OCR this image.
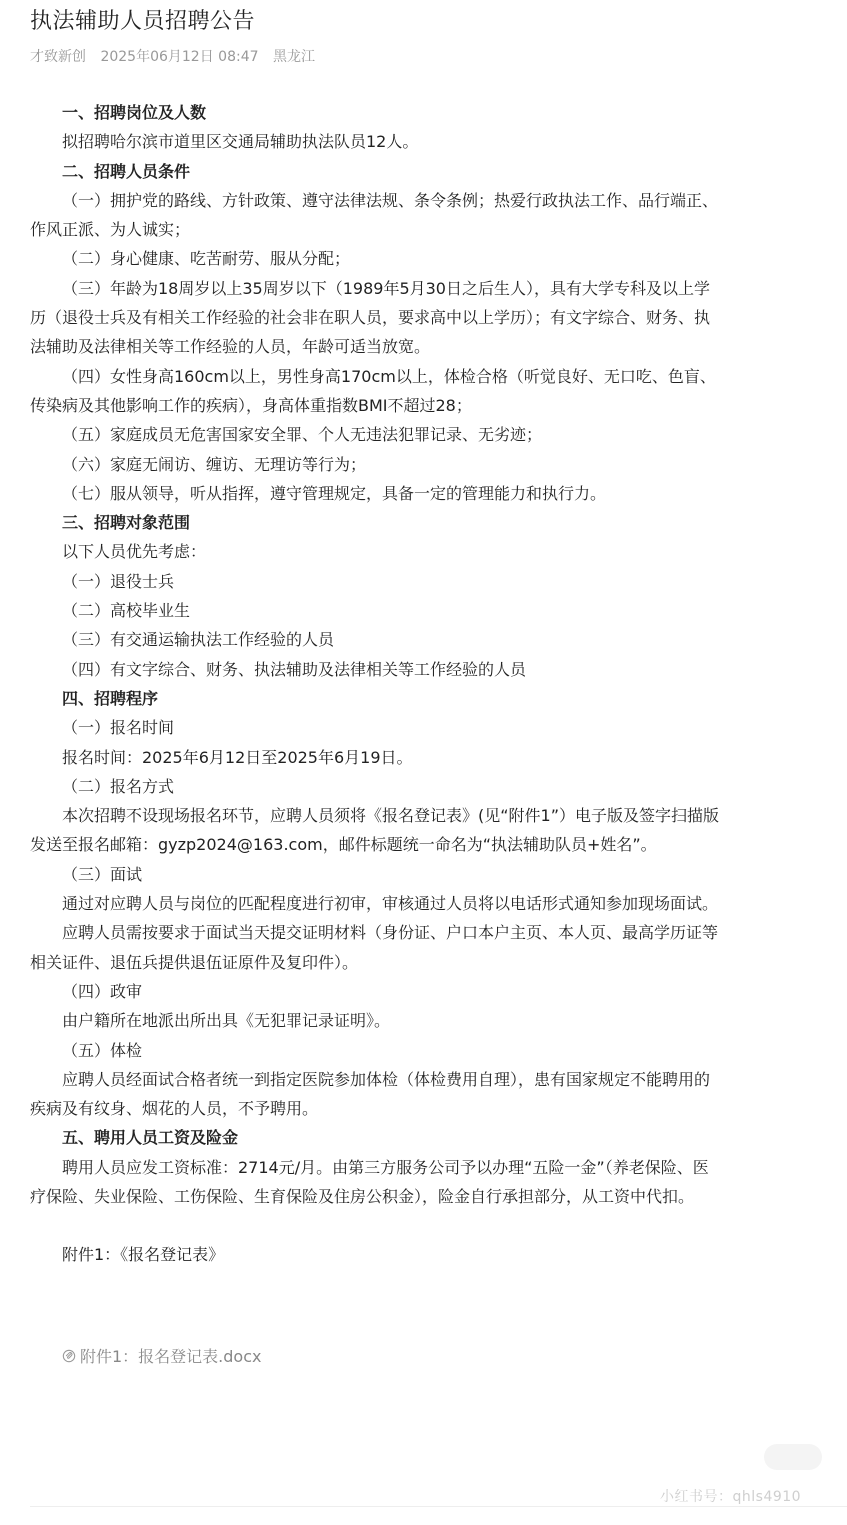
执法辅助人员招聘公告
才致新创 2025年06月12日 08:47 黑龙江

一、招聘岗位及人数

拟招聘哈尔滨市道里区交通局辅助执法队员12人。

二、招聘人员条件

（一）拥护党的路线、方针政策、遵守法律法规、条令条例；热爱行政执法工作、品行端正、作风正派、为人诚实；

（二）身心健康、吃苦耐劳、服从分配；

（三）年龄为18周岁以上35周岁以下（1989年5月30日之后生人），具有大学专科及以上学历（退役士兵及有相关工作经验的社会非在职人员，要求高中以上学历）；有文字综合、财务、执法辅助及法律相关等工作经验的人员，年龄可适当放宽。

（四）女性身高160cm以上，男性身高170cm以上，体检合格（听觉良好、无口吃、色盲、传染病及其他影响工作的疾病），身高体重指数BMI不超过28；

（五）家庭成员无危害国家安全罪、个人无违法犯罪记录、无劣迹；

（六）家庭无闹访、缠访、无理访等行为；

（七）服从领导，听从指挥，遵守管理规定，具备一定的管理能力和执行力。

三、招聘对象范围

以下人员优先考虑：

（一）退役士兵

（二）高校毕业生

（三）有交通运输执法工作经验的人员

（四）有文字综合、财务、执法辅助及法律相关等工作经验的人员

四、招聘程序

（一）报名时间

报名时间：2025年6月12日至2025年6月19日。

（二）报名方式

本次招聘不设现场报名环节，应聘人员须将《报名登记表》(见“附件1”）电子版及签字扫描版发送至报名邮箱：gyzp2024@163.com，邮件标题统一命名为“执法辅助队员+姓名”。

（三）面试

通过对应聘人员与岗位的匹配程度进行初审，审核通过人员将以电话形式通知参加现场面试。

应聘人员需按要求于面试当天提交证明材料（身份证、户口本户主页、本人页、最高学历证等相关证件、退伍兵提供退伍证原件及复印件）。

（四）政审

由户籍所在地派出所出具《无犯罪记录证明》。

（五）体检

应聘人员经面试合格者统一到指定医院参加体检（体检费用自理），患有国家规定不能聘用的疾病及有纹身、烟花的人员，不予聘用。

五、聘用人员工资及险金

聘用人员应发工资标准：2714元/月。由第三方服务公司予以办理“五险一金”（养老保险、医疗保险、失业保险、工伤保险、生育保险及住房公积金），险金自行承担部分，从工资中代扣。

附件1：《报名登记表》

附件1：报名登记表.docx
小红书号：qhls4910
